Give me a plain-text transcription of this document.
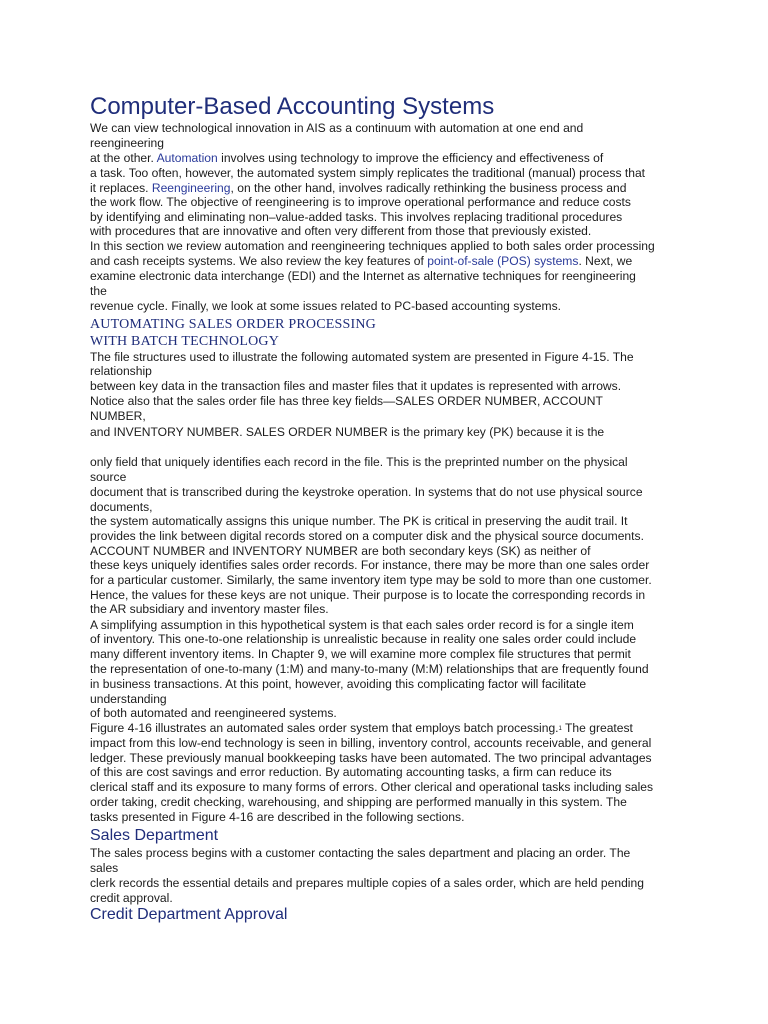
Computer-Based Accounting Systems
We can view technological innovation in AIS as a continuum with automation at one end and
reengineering
at the other. Automation involves using technology to improve the efficiency and effectiveness of
a task. Too often, however, the automated system simply replicates the traditional (manual) process that
it replaces. Reengineering, on the other hand, involves radically rethinking the business process and
the work flow. The objective of reengineering is to improve operational performance and reduce costs
by identifying and eliminating non–value-added tasks. This involves replacing traditional procedures
with procedures that are innovative and often very different from those that previously existed.
In this section we review automation and reengineering techniques applied to both sales order processing
and cash receipts systems. We also review the key features of point-of-sale (POS) systems. Next, we
examine electronic data interchange (EDI) and the Internet as alternative techniques for reengineering
the
revenue cycle. Finally, we look at some issues related to PC-based accounting systems.
AUTOMATING SALES ORDER PROCESSING
WITH BATCH TECHNOLOGY
The file structures used to illustrate the following automated system are presented in Figure 4-15. The
relationship
between key data in the transaction files and master files that it updates is represented with arrows.
Notice also that the sales order file has three key fields—SALES ORDER NUMBER, ACCOUNT
NUMBER,
and INVENTORY NUMBER. SALES ORDER NUMBER is the primary key (PK) because it is the
only field that uniquely identifies each record in the file. This is the preprinted number on the physical
source
document that is transcribed during the keystroke operation. In systems that do not use physical source
documents,
the system automatically assigns this unique number. The PK is critical in preserving the audit trail. It
provides the link between digital records stored on a computer disk and the physical source documents.
ACCOUNT NUMBER and INVENTORY NUMBER are both secondary keys (SK) as neither of
these keys uniquely identifies sales order records. For instance, there may be more than one sales order
for a particular customer. Similarly, the same inventory item type may be sold to more than one customer.
Hence, the values for these keys are not unique. Their purpose is to locate the corresponding records in
the AR subsidiary and inventory master files.
A simplifying assumption in this hypothetical system is that each sales order record is for a single item
of inventory. This one-to-one relationship is unrealistic because in reality one sales order could include
many different inventory items. In Chapter 9, we will examine more complex file structures that permit
the representation of one-to-many (1:M) and many-to-many (M:M) relationships that are frequently found
in business transactions. At this point, however, avoiding this complicating factor will facilitate
understanding
of both automated and reengineered systems.
Figure 4-16 illustrates an automated sales order system that employs batch processing.$^1$ The greatest
impact from this low-end technology is seen in billing, inventory control, accounts receivable, and general
ledger. These previously manual bookkeeping tasks have been automated. The two principal advantages
of this are cost savings and error reduction. By automating accounting tasks, a firm can reduce its
clerical staff and its exposure to many forms of errors. Other clerical and operational tasks including sales
order taking, credit checking, warehousing, and shipping are performed manually in this system. The
tasks presented in Figure 4-16 are described in the following sections.
Sales Department
The sales process begins with a customer contacting the sales department and placing an order. The
sales
clerk records the essential details and prepares multiple copies of a sales order, which are held pending
credit approval.
Credit Department Approval
